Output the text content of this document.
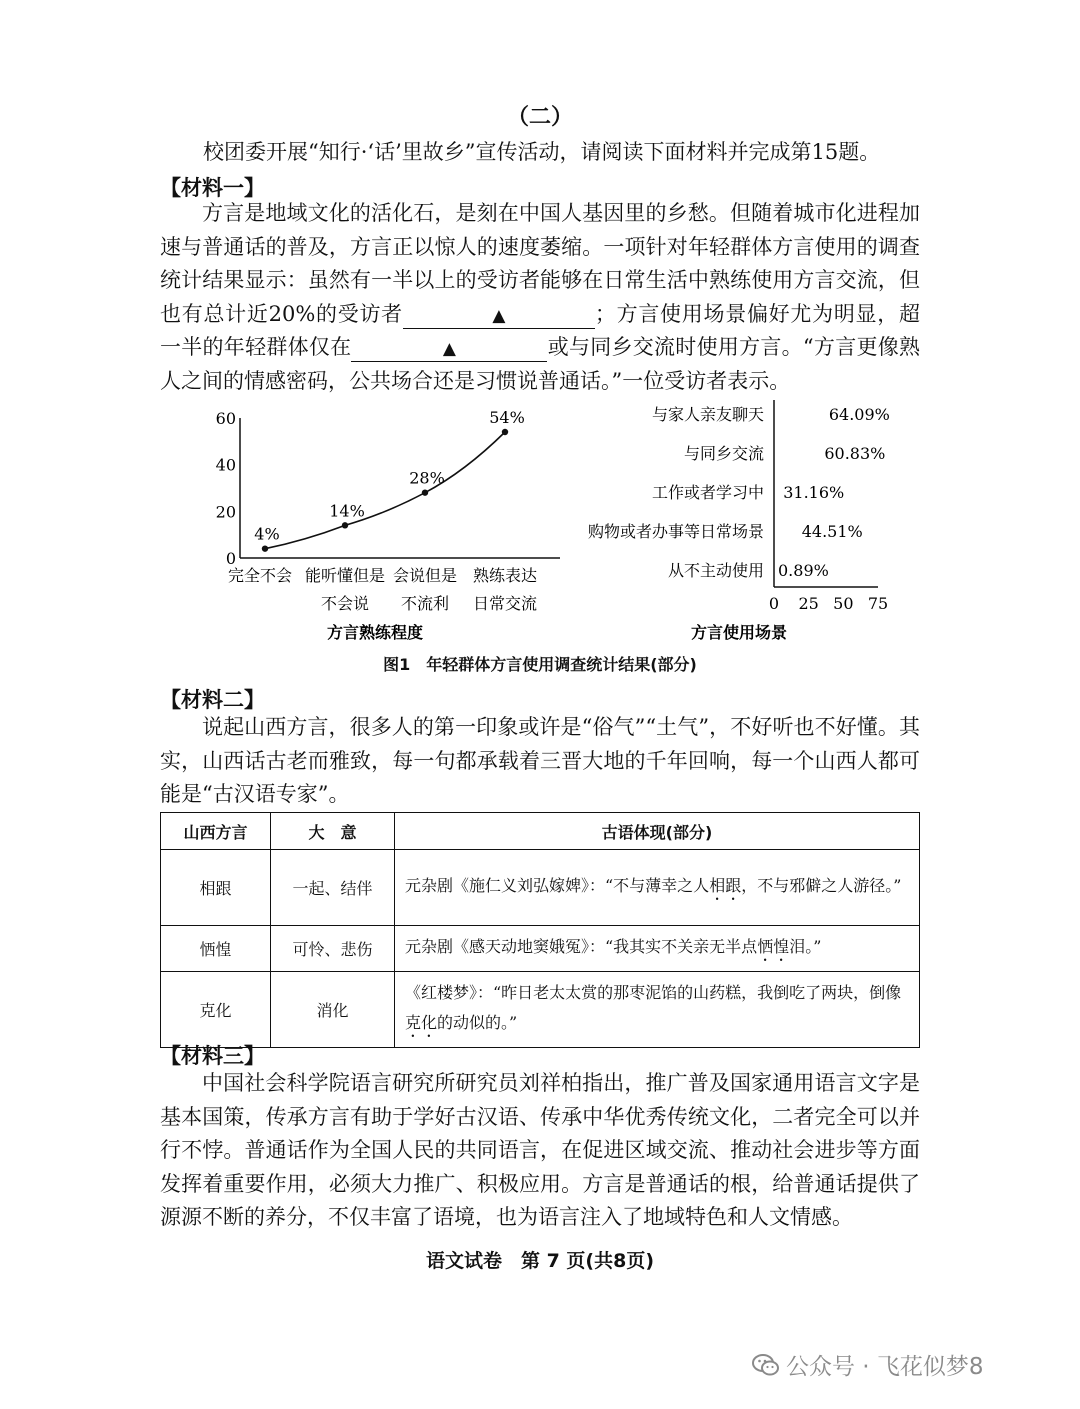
（二）
校团委开展“知行·‘话’里故乡”宣传活动，请阅读下面材料并完成第15题。
【材料一】
方言是地域文化的活化石，是刻在中国人基因里的乡愁。但随着城市化进程加速与普通话的普及，方言正以惊人的速度萎缩。一项针对年轻群体方言使用的调查统计结果显示：虽然有一半以上的受访者能够在日常生活中熟练使用方言交流，但也有总计近20%的受访者	▲	；方言使用场景偏好尤为明显，超一半的年轻群体仅在	▲	或与同乡交流时使用方言。“方言更像熟人之间的情感密码，公共场合还是习惯说普通话。”一位受访者表示。
0
20
40
60
4%
14%
28%
54%
完全不会 能听懂但是
不会说
会说但是
不流利
熟练表达
日常交流
方言熟练程度
与家人亲友聊天	64.09%
与同乡交流	60.83%
工作或者学习中 31.16%
购物或者办事等日常场景 44.51%
从不主动使用 0.89%
0 25 50 75
方言使用场景
图1　年轻群体方言使用调查统计结果(部分)
【材料二】
说起山西方言，很多人的第一印象或许是“俗气”“土气”，不好听也不好懂。其实，山西话古老而雅致，每一句都承载着三晋大地的千年回响，每一个山西人都可能是“古汉语专家”。
山西方言	大　意	古语体现(部分)
相跟	一起、结伴	元杂剧《施仁义刘弘嫁婢》：“不与薄幸之人相跟，不与邪僻之人游径。”
恓惶	可怜、悲伤	元杂剧《感天动地窦娥冤》：“我其实不关亲无半点恓惶泪。”
克化	消化	《红楼梦》：“昨日老太太赏的那枣泥馅的山药糕，我倒吃了两块，倒像克化的动似的。”
【材料三】
中国社会科学院语言研究所研究员刘祥柏指出，推广普及国家通用语言文字是基本国策，传承方言有助于学好古汉语、传承中华优秀传统文化，二者完全可以并行不悖。普通话作为全国人民的共同语言，在促进区域交流、推动社会进步等方面发挥着重要作用，必须大力推广、积极应用。方言是普通话的根，给普通话提供了源源不断的养分，不仅丰富了语境，也为语言注入了地域特色和人文情感。
语文试卷　第 7 页(共8页)
公众号 · 飞花似梦8
